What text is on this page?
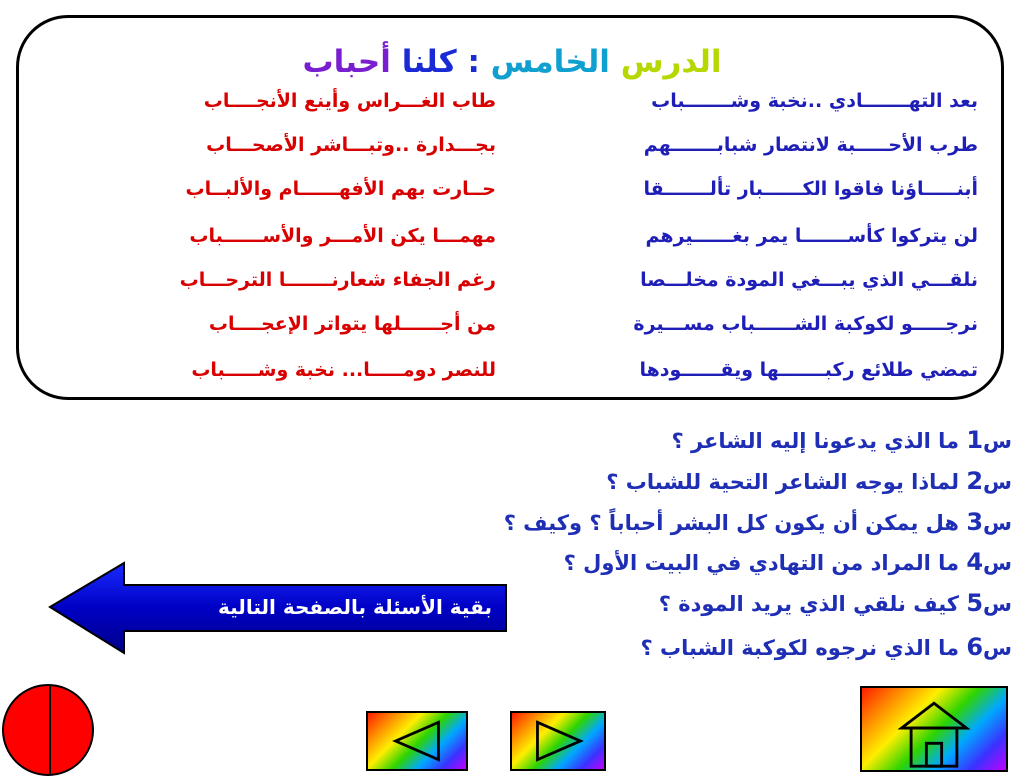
الدرس الخامس : كلنا أحباب
بعد التهـــــــادي ..نخبة وشـــــــباب
طاب الغـــراس وأينع الأنجــــاب
طرب الأحـــــبة لانتصار شبابـــــــهم
بجـــدارة ..وتبـــاشر الأصحـــاب
أبنـــــاؤنا فاقوا الكــــــبار تألـــــــقا
حــارت بهم الأفهــــــام والألبــاب
لن يتركوا كأســـــــا يمر بغــــــيرهم
مهمـــا يكن الأمـــر والأســــــباب
نلقـــي الذي يبـــغي المودة مخلـــصا
رغم الجفاء شعارنـــــــا الترحـــاب
نرجـــــو لكوكبة الشــــــباب مســـيرة
من أجــــــلها يتواتر الإعجــــاب
تمضي طلائع ركبـــــــها ويقــــــودها
للنصر دومـــــا... نخبة وشـــــباب
س1 ما الذي يدعونا إليه الشاعر ؟
س2 لماذا يوجه الشاعر التحية للشباب ؟
س3 هل يمكن أن يكون كل البشر أحباباً ؟ وكيف ؟
س4 ما المراد من التهادي في البيت الأول ؟
س5 كيف نلقي الذي يريد المودة ؟
س6 ما الذي نرجوه لكوكبة الشباب ؟
بقية الأسئلة بالصفحة التالية
